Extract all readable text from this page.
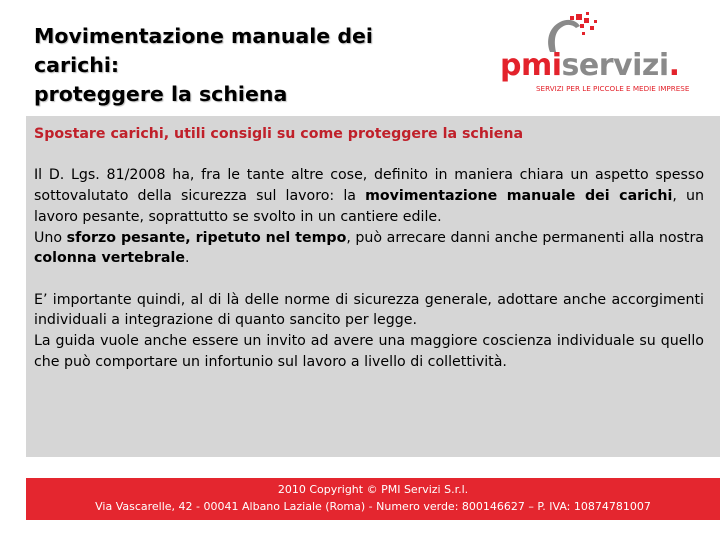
Movimentazione manuale dei
carichi:
proteggere la schiena
pmiservizi.
SERVIZI PER LE PICCOLE E MEDIE IMPRESE
Spostare carichi, utili consigli su come proteggere la schiena

Il D. Lgs. 81/2008 ha, fra le tante altre cose, definito in maniera chiara un aspetto spesso sottovalutato della sicurezza sul lavoro: la movimentazione manuale dei carichi, un lavoro pesante, soprattutto se svolto in un cantiere edile.

Uno sforzo pesante, ripetuto nel tempo, può arrecare danni anche permanenti alla nostra colonna vertebrale.

E’ importante quindi, al di là delle norme di sicurezza generale, adottare anche accorgimenti individuali a integrazione di quanto sancito per legge.

La guida vuole anche essere un invito ad avere una maggiore coscienza individuale su quello che può comportare un infortunio sul lavoro a livello di collettività.

2010 Copyright © PMI Servizi S.r.l.
Via Vascarelle, 42 - 00041 Albano Laziale (Roma) - Numero verde: 800146627 – P. IVA: 10874781007
